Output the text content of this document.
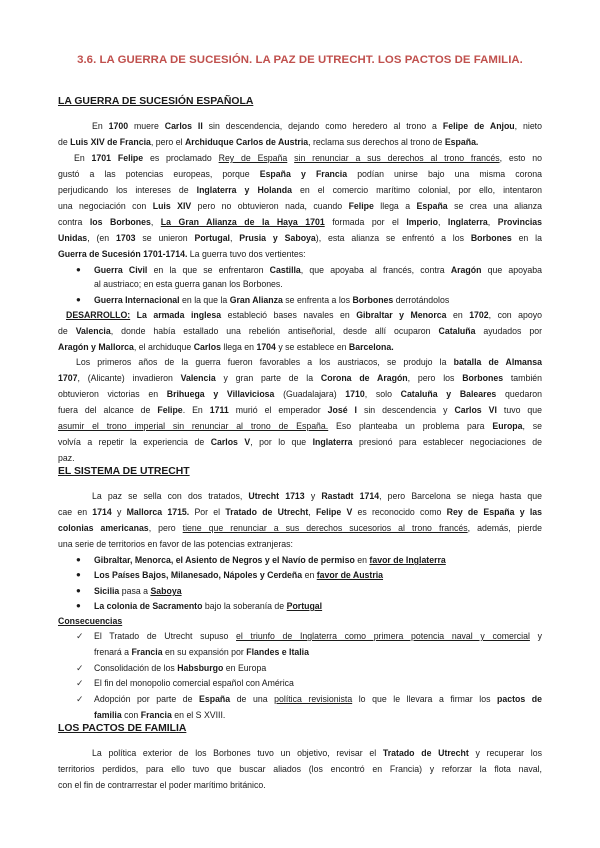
3.6. LA GUERRA DE SUCESIÓN. LA PAZ DE UTRECHT. LOS PACTOS DE FAMILIA.
LA GUERRA DE SUCESIÓN ESPAÑOLA

En 1700 muere Carlos II sin descendencia, dejando como heredero al trono a Felipe de Anjou, nieto

de Luis XIV de Francia, pero el Archiduque Carlos de Austria, reclama sus derechos al trono de España.

En 1701 Felipe es proclamado Rey de España sin renunciar a sus derechos al trono francés, esto no

gustó a las potencias europeas, porque España y Francia podían unirse bajo una misma corona

perjudicando los intereses de Inglaterra y Holanda en el comercio marítimo colonial, por ello, intentaron

una negociación con Luis XIV pero no obtuvieron nada, cuando Felipe llega a España se crea una alianza

contra los Borbones, La Gran Alianza de la Haya 1701 formada por el Imperio, Inglaterra, Provincias

Unidas, (en 1703 se unieron Portugal, Prusia y Saboya), esta alianza se enfrentó a los Borbones en la

Guerra de Sucesión 1701-1714. La guerra tuvo dos vertientes:

● Guerra Civil en la que se enfrentaron Castilla, que apoyaba al francés, contra Aragón que apoyaba

al austriaco; en esta guerra ganan los Borbones.

● Guerra Internacional en la que la Gran Alianza se enfrenta a los Borbones derrotándolos

DESARROLLO: La armada inglesa estableció bases navales en Gibraltar y Menorca en 1702, con apoyo

de Valencia, donde había estallado una rebelión antiseñorial, desde allí ocuparon Cataluña ayudados por

Aragón y Mallorca, el archiduque Carlos llega en 1704 y se establece en Barcelona.

Los primeros años de la guerra fueron favorables a los austriacos, se produjo la batalla de Almansa

1707, (Alicante) invadieron Valencia y gran parte de la Corona de Aragón, pero los Borbones también

obtuvieron victorias en Brihuega y Villaviciosa (Guadalajara) 1710, solo Cataluña y Baleares quedaron

fuera del alcance de Felipe. En 1711 murió el emperador José I sin descendencia y Carlos VI tuvo que

asumir el trono imperial sin renunciar al trono de España. Eso planteaba un problema para Europa, se

volvía a repetir la experiencia de Carlos V, por lo que Inglaterra presionó para establecer negociaciones de

paz.

EL SISTEMA DE UTRECHT

La paz se sella con dos tratados, Utrecht 1713 y Rastadt 1714, pero Barcelona se niega hasta que

cae en 1714 y Mallorca 1715. Por el Tratado de Utrecht, Felipe V es reconocido como Rey de España y las

colonias americanas, pero tiene que renunciar a sus derechos sucesorios al trono francés, además, pierde

una serie de territorios en favor de las potencias extranjeras:

● Gibraltar, Menorca, el Asiento de Negros y el Navío de permiso en favor de Inglaterra

● Los Países Bajos, Milanesado, Nápoles y Cerdeña en favor de Austria

● Sicilia pasa a Saboya

● La colonia de Sacramento bajo la soberanía de Portugal

Consecuencias

✓ El Tratado de Utrecht supuso el triunfo de Inglaterra como primera potencia naval y comercial y

frenará a Francia en su expansión por Flandes e Italia

✓ Consolidación de los Habsburgo en Europa

✓ El fin del monopolio comercial español con América

✓ Adopción por parte de España de una política revisionista lo que le llevara a firmar los pactos de

familia con Francia en el S XVIII.

LOS PACTOS DE FAMILIA

La política exterior de los Borbones tuvo un objetivo, revisar el Tratado de Utrecht y recuperar los

territorios perdidos, para ello tuvo que buscar aliados (los encontró en Francia) y reforzar la flota naval,

con el fin de contrarrestar el poder marítimo británico.
